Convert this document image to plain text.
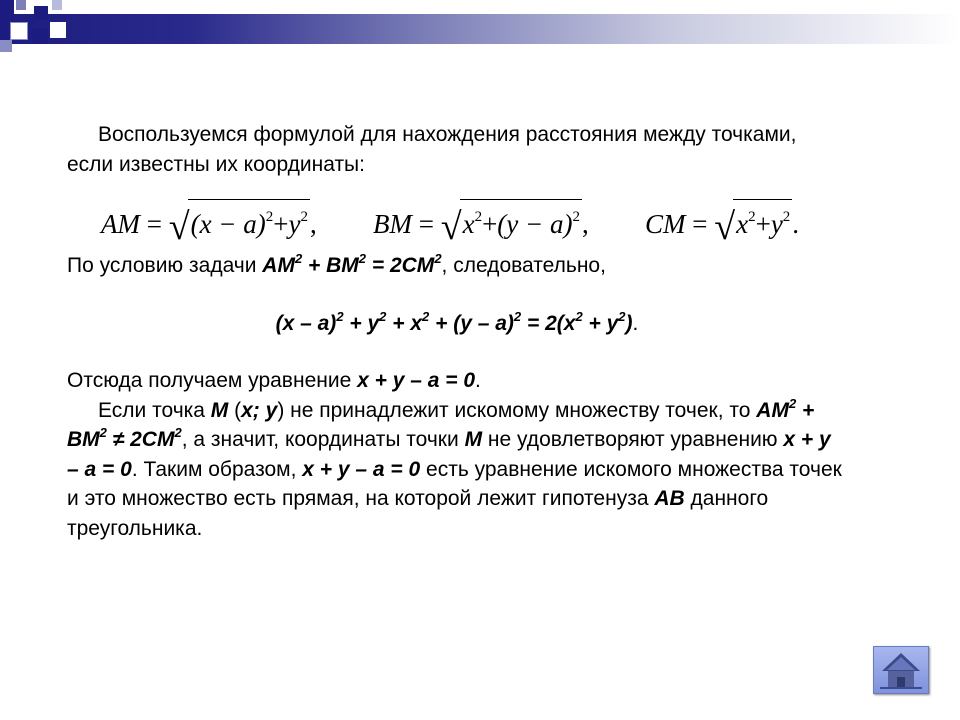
Воспользуемся формулой для нахождения расстояния между точками, если известны их координаты:

AM = $√(x - a)^2+y^2$, BM = $√x^2+(y - a)^2$, CM = $√x^2+y^2$.

По условию задачи $AM^2 + BM^2 = 2CM^2$, следовательно,

$(x - a)^2 + y^2 + x^2 + (y - a)^2 = 2(x^2 + y^2)$.

Отсюда получаем уравнение x + y – a = 0.

Если точка M (x; y) не принадлежит искомому множеству точек, то $AM^2 + BM^2 \ne 2CM^2$, а значит, координаты точки M не удовлетворяют уравнению x + y – a = 0. Таким образом, x + y – a = 0 есть уравнение искомого множества точек и это множество есть прямая, на которой лежит гипотенуза AB данного треугольника.
